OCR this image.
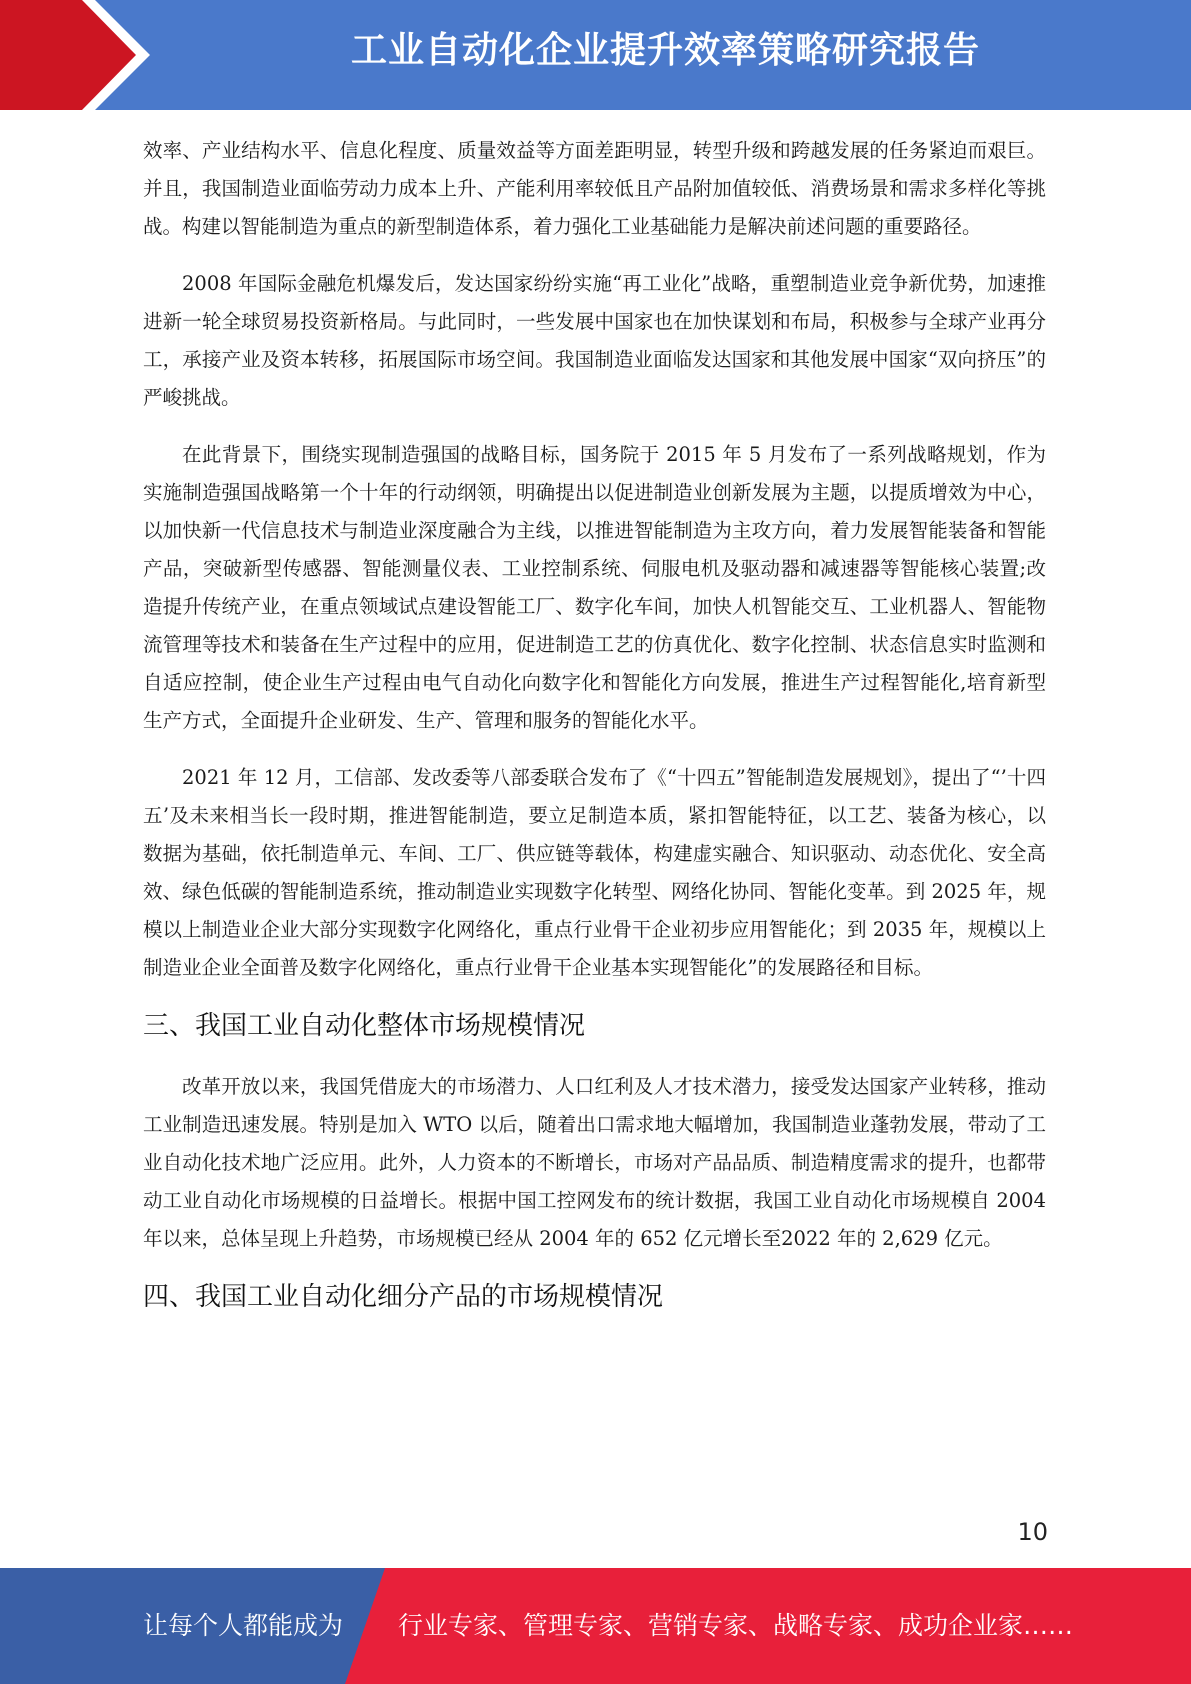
工业自动化企业提升效率策略研究报告

效率、产业结构水平、信息化程度、质量效益等方面差距明显，转型升级和跨越发展的任务紧迫而艰巨。并且，我国制造业面临劳动力成本上升、产能利用率较低且产品附加值较低、消费场景和需求多样化等挑战。构建以智能制造为重点的新型制造体系，着力强化工业基础能力是解决前述问题的重要路径。

2008 年国际金融危机爆发后，发达国家纷纷实施“再工业化”战略，重塑制造业竞争新优势，加速推进新一轮全球贸易投资新格局。与此同时，一些发展中国家也在加快谋划和布局，积极参与全球产业再分工，承接产业及资本转移，拓展国际市场空间。我国制造业面临发达国家和其他发展中国家“双向挤压”的严峻挑战。

在此背景下，围绕实现制造强国的战略目标，国务院于 2015 年 5 月发布了一系列战略规划，作为实施制造强国战略第一个十年的行动纲领，明确提出以促进制造业创新发展为主题，以提质增效为中心，以加快新一代信息技术与制造业深度融合为主线，以推进智能制造为主攻方向，着力发展智能装备和智能产品，突破新型传感器、智能测量仪表、工业控制系统、伺服电机及驱动器和减速器等智能核心装置;改造提升传统产业，在重点领域试点建设智能工厂、数字化车间，加快人机智能交互、工业机器人、智能物流管理等技术和装备在生产过程中的应用，促进制造工艺的仿真优化、数字化控制、状态信息实时监测和自适应控制，使企业生产过程由电气自动化向数字化和智能化方向发展，推进生产过程智能化,培育新型生产方式，全面提升企业研发、生产、管理和服务的智能化水平。

2021 年 12 月，工信部、发改委等八部委联合发布了《“十四五”智能制造发展规划》，提出了“’十四五’及未来相当长一段时期，推进智能制造，要立足制造本质，紧扣智能特征，以工艺、装备为核心，以数据为基础，依托制造单元、车间、工厂、供应链等载体，构建虚实融合、知识驱动、动态优化、安全高效、绿色低碳的智能制造系统，推动制造业实现数字化转型、网络化协同、智能化变革。到 2025 年，规模以上制造业企业大部分实现数字化网络化，重点行业骨干企业初步应用智能化；到 2035 年，规模以上制造业企业全面普及数字化网络化，重点行业骨干企业基本实现智能化”的发展路径和目标。

三、我国工业自动化整体市场规模情况

改革开放以来，我国凭借庞大的市场潜力、人口红利及人才技术潜力，接受发达国家产业转移，推动工业制造迅速发展。特别是加入 WTO 以后，随着出口需求地大幅增加，我国制造业蓬勃发展，带动了工业自动化技术地广泛应用。此外，人力资本的不断增长，市场对产品品质、制造精度需求的提升，也都带动工业自动化市场规模的日益增长。根据中国工控网发布的统计数据，我国工业自动化市场规模自 2004 年以来，总体呈现上升趋势，市场规模已经从 2004 年的 652 亿元增长至2022 年的 2,629 亿元。

四、我国工业自动化细分产品的市场规模情况
10
让每个人都能成为 行业专家、管理专家、营销专家、战略专家、成功企业家……
